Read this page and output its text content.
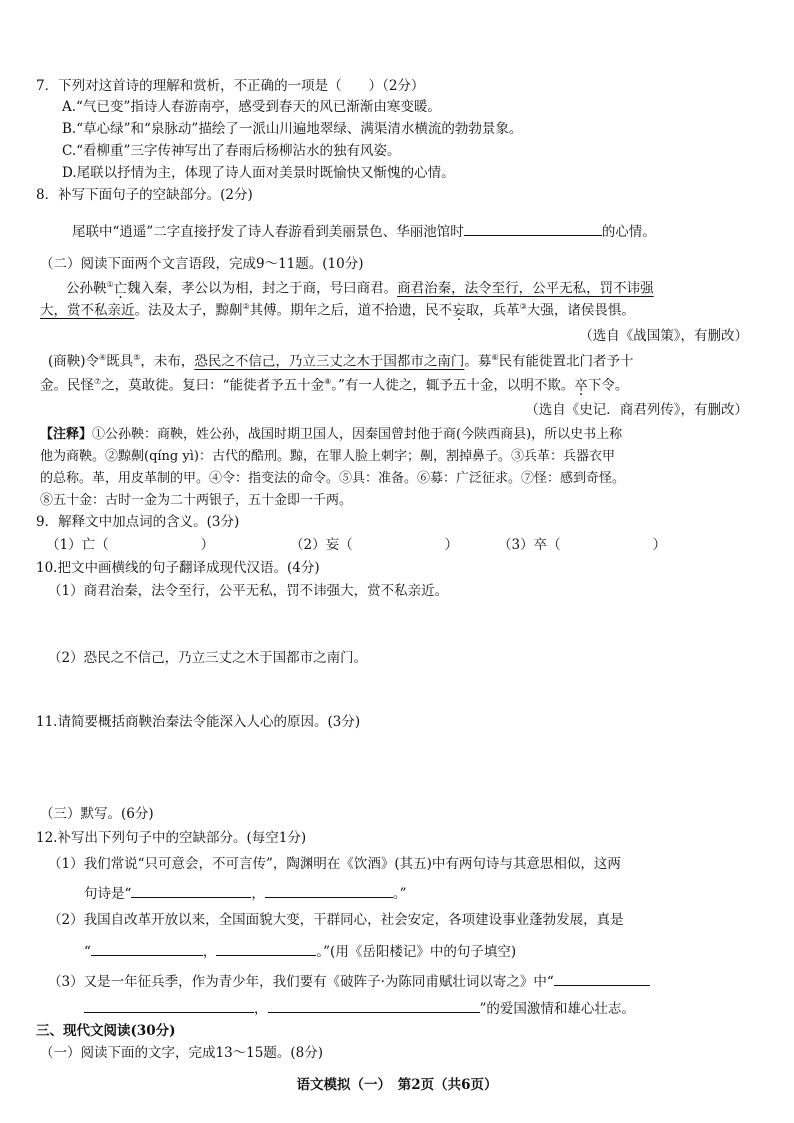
7．下列对这首诗的理解和赏析，不正确的一项是（　　）（2分）
A.“气已变”指诗人春游南亭，感受到春天的风已渐渐由寒变暖。
B.“草心绿”和“泉脉动”描绘了一派山川遍地翠绿、满渠清水横流的勃勃景象。
C.“看柳重”三字传神写出了春雨后杨柳沾水的独有风姿。
D.尾联以抒情为主，体现了诗人面对美景时既愉快又惭愧的心情。
8．补写下面句子的空缺部分。(2分)
尾联中“逍遥”二字直接抒发了诗人春游看到美丽景色、华丽池馆时	的心情。
（二）阅读下面两个文言语段，完成9～11题。(10分)
公孙鞅①亡魏入秦，孝公以为相，封之于商，号曰商君。商君治秦，法令至行，公平无私，罚不讳强
大，赏不私亲近。法及太子，黥劓②其傅。期年之后，道不拾遗，民不妄取，兵革③大强，诸侯畏惧。
（选自《战国策》，有删改）
(商鞅)令④既具⑤，未布，恐民之不信己，乃立三丈之木于国都市之南门。募⑥民有能徙置北门者予十
金。民怪⑦之，莫敢徙。复曰：“能徙者予五十金⑧。”有一人徙之，辄予五十金，以明不欺。卒下令。
（选自《史记．商君列传》，有删改）
【注释】①公孙鞅：商鞅，姓公孙，战国时期卫国人，因秦国曾封他于商(今陕西商县)，所以史书上称
他为商鞅。②黥劓(qíng yì)：古代的酷刑。黥，在罪人脸上刺字；劓，割掉鼻子。③兵革：兵器衣甲
的总称。革，用皮革制的甲。④令：指变法的命令。⑤具：准备。⑥募：广泛征求。⑦怪：感到奇怪。
⑧五十金：古时一金为二十两银子，五十金即一千两。
9．解释文中加点词的含义。(3分)
（1）亡（	）	（2）妄（	）	（3）卒（	）
10.把文中画横线的句子翻译成现代汉语。(4分)
（1）商君治秦，法令至行，公平无私，罚不讳强大，赏不私亲近。
（2）恐民之不信己，乃立三丈之木于国都市之南门。
11.请简要概括商鞅治秦法令能深入人心的原因。(3分)
（三）默写。(6分)
12.补写出下列句子中的空缺部分。(每空1分)
（1）我们常说“只可意会，不可言传”，陶渊明在《饮酒》(其五)中有两句诗与其意思相似，这两
句诗是“	，	。”
（2）我国自改革开放以来，全国面貌大变，干群同心，社会安定，各项建设事业蓬勃发展，真是
“	，	。”(用《岳阳楼记》中的句子填空)
（3）又是一年征兵季，作为青少年，我们要有《破阵子·为陈同甫赋壮词以寄之》中“
，	”的爱国激情和雄心壮志。
三、现代文阅读(30分)
（一）阅读下面的文字，完成13～15题。(8分)
语文模拟（一）　第2页（共6页）
